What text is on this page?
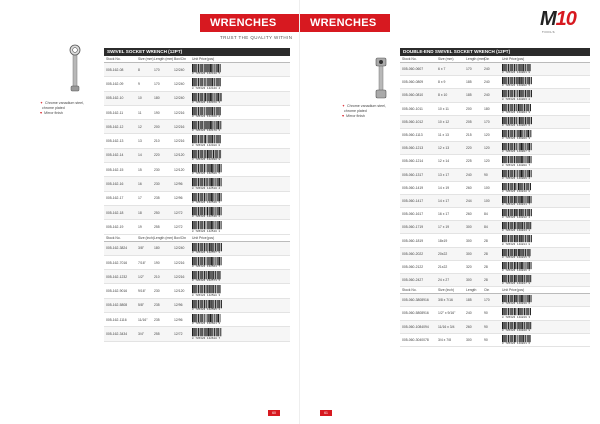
WRENCHES
TRUST THE QUALITY WITHIN
✦ Chrome vanadium steel,
chrome plated
♥ Mirror finish
SWIVEL SOCKET WRENCH (12PT)
Stock No.	Size (mm) Length (mm) Box/Ctn	Unit Price(pcs)
005-162-08	8	170	12/240
8 785326 142430 5
005-162-09	9	170	12/240
8 785326 142440 4
005-162-10	10	180	12/240
8 785326 142450 3
005-162-11	11	190	12/216
8 785326 142460 2
005-162-12	12	200	12/216
8 785326 142470 1
005-162-13	13	210	12/216
8 785326 142480 0
005-162-14	14	220	12/120
8 785326 142490 9
005-162-15	15	230	12/120
8 785326 142500 5
005-162-16	16	230	12/96
8 785326 142510 4
005-162-17	17	235	12/96
8 785326 142520 3
005-162-18	18	250	12/72
8 785326 142530 2
005-162-19	19	255	12/72
8 785326 142540 1
Stock No.	Size (inch) Length (mm) Box/Ctn	Unit Price(pcs)
005-162-3824	3/8"	180	12/240
8 785326 142557 9
005-162-7016	7/16"	190	12/216
8 785326 142564 7
005-162-1232	1/2"	210	12/216
8 785326 142571 5
005-162-9016	9/16"	230	12/120
8 785326 142588 3
005-162-5808	5/8"	235	12/96
8 785326 142595 1
005-162-1116	11/16"	235	12/96
8 785326 142601 9
005-162-3434	3/4"	255	12/72
8 785326 142618 7
60
WRENCHES	M10
TOOLS
✦ Chrome vanadium steel,
chrome plated
♥ Mirror finish
DOUBLE-END SWIVEL SOCKET WRENCH (12PT)
Stock No.	Size (mm)	Length (mm)
Ctn	Unit Price(pcs)
005-060-0607	6 x 7	170	240
8 785326 148801 8
005-060-0809	8 x 9	185	240
8 785326 148802 5
005-060-0810	8 x 10	185	240
8 785326 148803 2
005-060-1011	10 x 11	200	180
8 785326 148804 9
005-060-1012	10 x 12	205	170
8 785326 148805 6
005-060-1113	11 x 13	215	120
8 785326 148806 3
005-060-1213	12 x 13	220	120
8 785326 148807 0
005-060-1214	12 x 14	225	120
8 785326 148808 7
005-060-1317	13 x 17	240	90
8 785326 148809 4
005-060-1419	14 x 19	260	100
8 785326 148810 0
005-060-1417	14 x 17	244	100
8 785326 148811 7
005-060-1617	16 x 17	260	84
8 785326 148812 4
005-060-1719	17 x 19	300	84
8 785326 148813 1
005-060-1819	18x19	300	28
8 785326 148814 8
005-060-2022	20x22	300	28
8 785326 148815 5
005-060-2122	21x22	320	28
8 785326 148816 2
005-060-2427	24 x 27	300	28
8 785326 148817 9
Stock No.	Size (inch)	Length	Ctn	Unit Price(pcs)
005-060-3808916	3/8 x 7/16	185	170
8 785326 148818 6
005-060-5808916	1/2" x 9/16"	240	90
8 785326 148819 3
005-060-1084094	11/16 x 3/4	260	90
8 785326 148820 9
005-060-3040078	3/4 x 7/8	300	90
8 785326 148821 6
61
